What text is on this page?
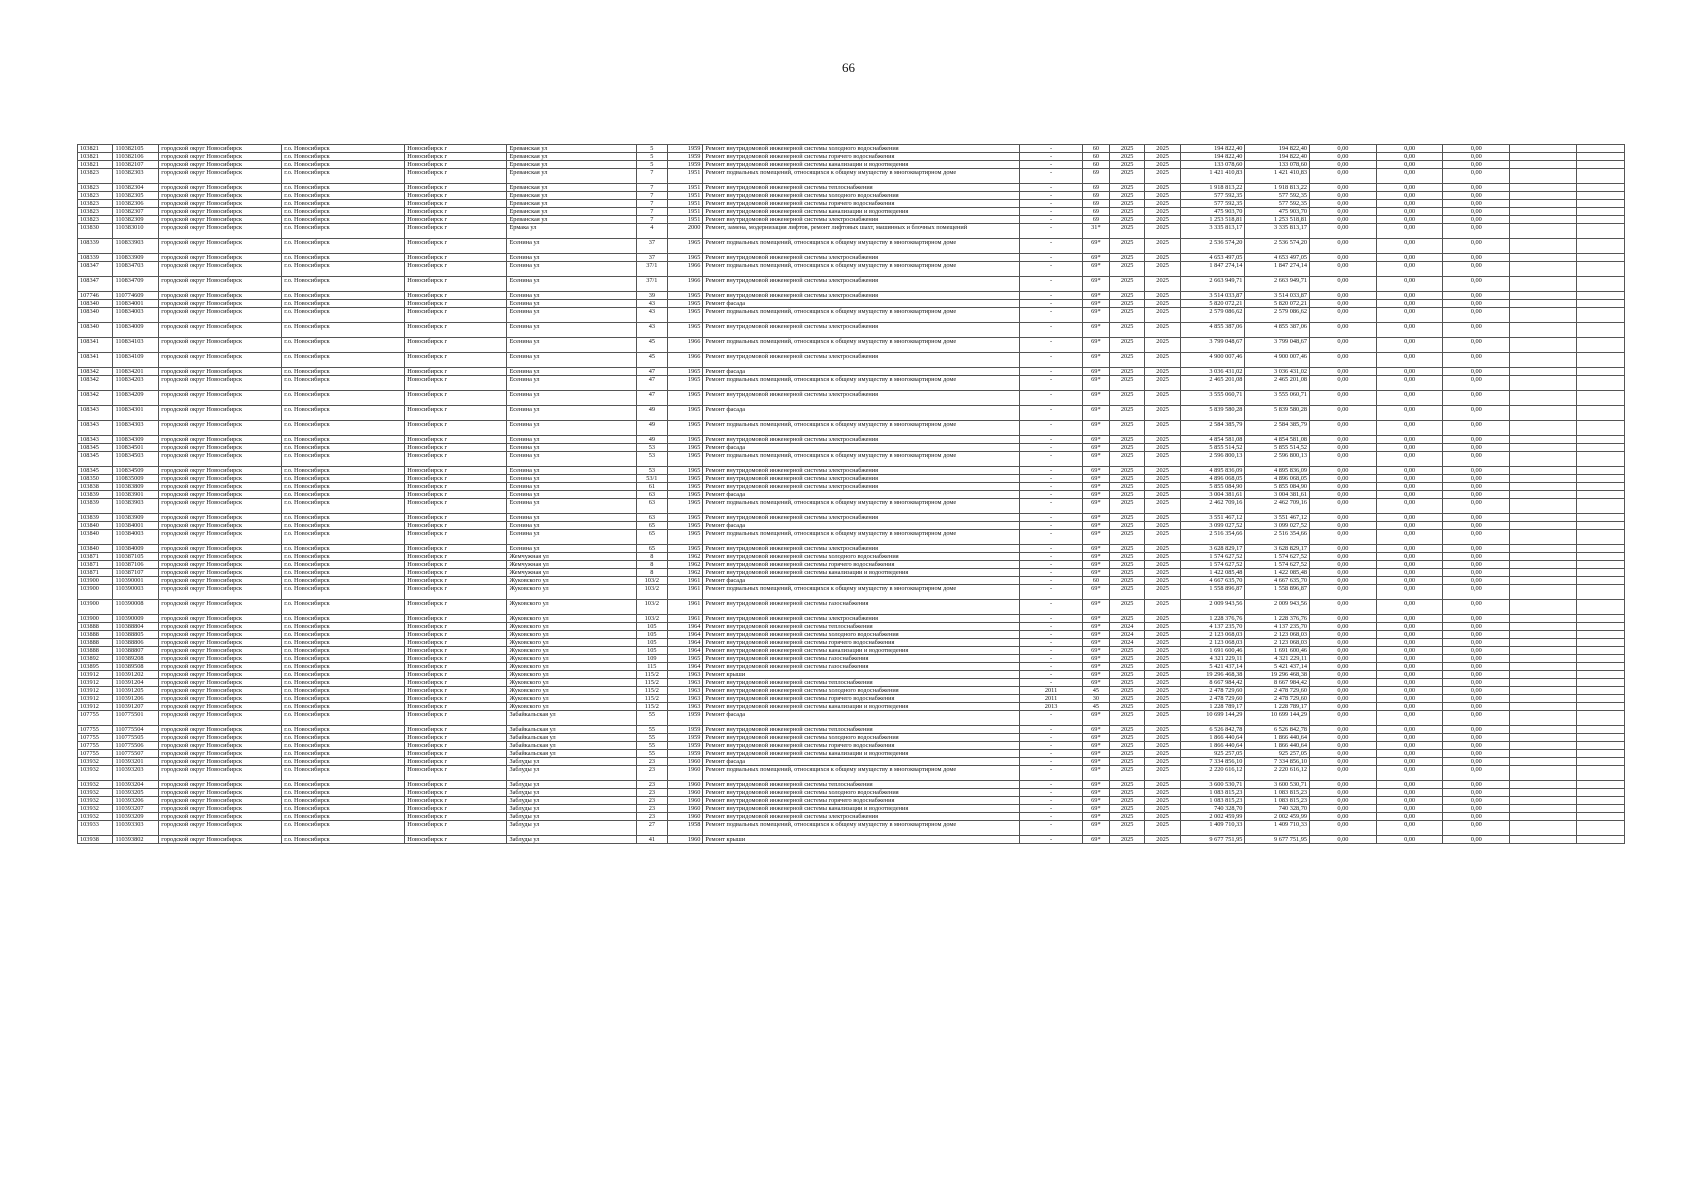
66
103821	110382105	городской округ Новосибирск	г.о. Новосибирск	Новосибирск г	Ереванская ул	5	1959	Ремонт внутридомовой инженерной системы холодного водоснабжения	-	60	2025	2025	194 822,40	194 822,40	0,00	0,00	0,00		
103821	110382106	городской округ Новосибирск	г.о. Новосибирск	Новосибирск г	Ереванская ул	5	1959	Ремонт внутридомовой инженерной системы горячего водоснабжения	-	60	2025	2025	194 822,40	194 822,40	0,00	0,00	0,00		
103821	110382107	городской округ Новосибирск	г.о. Новосибирск	Новосибирск г	Ереванская ул	5	1959	Ремонт внутридомовой инженерной системы канализации и водоотведения	-	60	2025	2025	133 078,60	133 078,60	0,00	0,00	0,00		
103823	110382303	городской округ Новосибирск	г.о. Новосибирск	Новосибирск г	Ереванская ул	7	1951	Ремонт подвальных помещений, относящихся к общему имуществу в многоквартирном доме	-	69	2025	2025	1 421 410,83	1 421 410,83	0,00	0,00	0,00		
103823	110382304	городской округ Новосибирск	г.о. Новосибирск	Новосибирск г	Ереванская ул	7	1951	Ремонт внутридомовой инженерной системы теплоснабжения	-	69	2025	2025	1 918 813,22	1 918 813,22	0,00	0,00	0,00		
103823	110382305	городской округ Новосибирск	г.о. Новосибирск	Новосибирск г	Ереванская ул	7	1951	Ремонт внутридомовой инженерной системы холодного водоснабжения	-	69	2025	2025	577 592,35	577 592,35	0,00	0,00	0,00		
103823	110382306	городской округ Новосибирск	г.о. Новосибирск	Новосибирск г	Ереванская ул	7	1951	Ремонт внутридомовой инженерной системы горячего водоснабжения	-	69	2025	2025	577 592,35	577 592,35	0,00	0,00	0,00		
103823	110382307	городской округ Новосибирск	г.о. Новосибирск	Новосибирск г	Ереванская ул	7	1951	Ремонт внутридомовой инженерной системы канализации и водоотведения	-	69	2025	2025	475 903,70	475 903,70	0,00	0,00	0,00		
103823	110382309	городской округ Новосибирск	г.о. Новосибирск	Новосибирск г	Ереванская ул	7	1951	Ремонт внутридомовой инженерной системы электроснабжения	-	69	2025	2025	1 253 518,81	1 253 518,81	0,00	0,00	0,00		
103830	110383010	городской округ Новосибирск	г.о. Новосибирск	Новосибирск г	Ермака ул	4	2000	Ремонт, замена, модернизация лифтов, ремонт лифтовых шахт, машинных и блочных помещений	-	31*	2025	2025	3 335 813,17	3 335 813,17	0,00	0,00	0,00		
108339	110833903	городской округ Новосибирск	г.о. Новосибирск	Новосибирск г	Есенина ул	37	1965	Ремонт подвальных помещений, относящихся к общему имуществу в многоквартирном доме	-	69*	2025	2025	2 536 574,20	2 536 574,20	0,00	0,00	0,00		
108339	110833909	городской округ Новосибирск	г.о. Новосибирск	Новосибирск г	Есенина ул	37	1965	Ремонт внутридомовой инженерной системы электроснабжения	-	69*	2025	2025	4 653 497,05	4 653 497,05	0,00	0,00	0,00		
108347	110834703	городской округ Новосибирск	г.о. Новосибирск	Новосибирск г	Есенина ул	37/1	1966	Ремонт подвальных помещений, относящихся к общему имуществу в многоквартирном доме	-	69*	2025	2025	1 847 274,14	1 847 274,14	0,00	0,00	0,00		
108347	110834709	городской округ Новосибирск	г.о. Новосибирск	Новосибирск г	Есенина ул	37/1	1966	Ремонт внутридомовой инженерной системы электроснабжения	-	69*	2025	2025	2 663 949,71	2 663 949,71	0,00	0,00	0,00		
107746	110774609	городской округ Новосибирск	г.о. Новосибирск	Новосибирск г	Есенина ул	39	1965	Ремонт внутридомовой инженерной системы электроснабжения	-	69*	2025	2025	3 514 033,87	3 514 033,87	0,00	0,00	0,00		
108340	110834001	городской округ Новосибирск	г.о. Новосибирск	Новосибирск г	Есенина ул	43	1965	Ремонт фасада	-	69*	2025	2025	5 820 072,21	5 820 072,21	0,00	0,00	0,00		
108340	110834003	городской округ Новосибирск	г.о. Новосибирск	Новосибирск г	Есенина ул	43	1965	Ремонт подвальных помещений, относящихся к общему имуществу в многоквартирном доме	-	69*	2025	2025	2 579 086,62	2 579 086,62	0,00	0,00	0,00		
108340	110834009	городской округ Новосибирск	г.о. Новосибирск	Новосибирск г	Есенина ул	43	1965	Ремонт внутридомовой инженерной системы электроснабжения	-	69*	2025	2025	4 855 387,06	4 855 387,06	0,00	0,00	0,00		
108341	110834103	городской округ Новосибирск	г.о. Новосибирск	Новосибирск г	Есенина ул	45	1966	Ремонт подвальных помещений, относящихся к общему имуществу в многоквартирном доме	-	69*	2025	2025	3 799 048,67	3 799 048,67	0,00	0,00	0,00		
108341	110834109	городской округ Новосибирск	г.о. Новосибирск	Новосибирск г	Есенина ул	45	1966	Ремонт внутридомовой инженерной системы электроснабжения	-	69*	2025	2025	4 900 007,46	4 900 007,46	0,00	0,00	0,00		
108342	110834201	городской округ Новосибирск	г.о. Новосибирск	Новосибирск г	Есенина ул	47	1965	Ремонт фасада	-	69*	2025	2025	3 036 431,02	3 036 431,02	0,00	0,00	0,00		
108342	110834203	городской округ Новосибирск	г.о. Новосибирск	Новосибирск г	Есенина ул	47	1965	Ремонт подвальных помещений, относящихся к общему имуществу в многоквартирном доме	-	69*	2025	2025	2 465 201,08	2 465 201,08	0,00	0,00	0,00		
108342	110834209	городской округ Новосибирск	г.о. Новосибирск	Новосибирск г	Есенина ул	47	1965	Ремонт внутридомовой инженерной системы электроснабжения	-	69*	2025	2025	3 555 060,71	3 555 060,71	0,00	0,00	0,00		
108343	110834301	городской округ Новосибирск	г.о. Новосибирск	Новосибирск г	Есенина ул	49	1965	Ремонт фасада	-	69*	2025	2025	5 839 580,28	5 839 580,28	0,00	0,00	0,00		
108343	110834303	городской округ Новосибирск	г.о. Новосибирск	Новосибирск г	Есенина ул	49	1965	Ремонт подвальных помещений, относящихся к общему имуществу в многоквартирном доме	-	69*	2025	2025	2 584 385,79	2 584 385,79	0,00	0,00	0,00		
108343	110834309	городской округ Новосибирск	г.о. Новосибирск	Новосибирск г	Есенина ул	49	1965	Ремонт внутридомовой инженерной системы электроснабжения	-	69*	2025	2025	4 854 581,08	4 854 581,08	0,00	0,00	0,00		
108345	110834501	городской округ Новосибирск	г.о. Новосибирск	Новосибирск г	Есенина ул	53	1965	Ремонт фасада	-	69*	2025	2025	5 855 514,52	5 855 514,52	0,00	0,00	0,00		
108345	110834503	городской округ Новосибирск	г.о. Новосибирск	Новосибирск г	Есенина ул	53	1965	Ремонт подвальных помещений, относящихся к общему имуществу в многоквартирном доме	-	69*	2025	2025	2 596 800,13	2 596 800,13	0,00	0,00	0,00		
108345	110834509	городской округ Новосибирск	г.о. Новосибирск	Новосибирск г	Есенина ул	53	1965	Ремонт внутридомовой инженерной системы электроснабжения	-	69*	2025	2025	4 895 836,09	4 895 836,09	0,00	0,00	0,00		
108350	110835009	городской округ Новосибирск	г.о. Новосибирск	Новосибирск г	Есенина ул	53/1	1965	Ремонт внутридомовой инженерной системы электроснабжения	-	69*	2025	2025	4 896 068,05	4 896 068,05	0,00	0,00	0,00		
103838	110383809	городской округ Новосибирск	г.о. Новосибирск	Новосибирск г	Есенина ул	61	1965	Ремонт внутридомовой инженерной системы электроснабжения	-	69*	2025	2025	5 855 084,90	5 855 084,90	0,00	0,00	0,00		
103839	110383901	городской округ Новосибирск	г.о. Новосибирск	Новосибирск г	Есенина ул	63	1965	Ремонт фасада	-	69*	2025	2025	3 004 381,61	3 004 381,61	0,00	0,00	0,00		
103839	110383903	городской округ Новосибирск	г.о. Новосибирск	Новосибирск г	Есенина ул	63	1965	Ремонт подвальных помещений, относящихся к общему имуществу в многоквартирном доме	-	69*	2025	2025	2 462 709,16	2 462 709,16	0,00	0,00	0,00		
103839	110383909	городской округ Новосибирск	г.о. Новосибирск	Новосибирск г	Есенина ул	63	1965	Ремонт внутридомовой инженерной системы электроснабжения	-	69*	2025	2025	3 551 467,12	3 551 467,12	0,00	0,00	0,00		
103840	110384001	городской округ Новосибирск	г.о. Новосибирск	Новосибирск г	Есенина ул	65	1965	Ремонт фасада	-	69*	2025	2025	3 099 027,52	3 099 027,52	0,00	0,00	0,00		
103840	110384003	городской округ Новосибирск	г.о. Новосибирск	Новосибирск г	Есенина ул	65	1965	Ремонт подвальных помещений, относящихся к общему имуществу в многоквартирном доме	-	69*	2025	2025	2 516 354,66	2 516 354,66	0,00	0,00	0,00		
103840	110384009	городской округ Новосибирск	г.о. Новосибирск	Новосибирск г	Есенина ул	65	1965	Ремонт внутридомовой инженерной системы электроснабжения	-	69*	2025	2025	3 628 829,17	3 628 829,17	0,00	0,00	0,00		
103871	110387105	городской округ Новосибирск	г.о. Новосибирск	Новосибирск г	Жемчужная ул	8	1962	Ремонт внутридомовой инженерной системы холодного водоснабжения	-	69*	2025	2025	1 574 627,52	1 574 627,52	0,00	0,00	0,00		
103871	110387106	городской округ Новосибирск	г.о. Новосибирск	Новосибирск г	Жемчужная ул	8	1962	Ремонт внутридомовой инженерной системы горячего водоснабжения	-	69*	2025	2025	1 574 627,52	1 574 627,52	0,00	0,00	0,00		
103871	110387107	городской округ Новосибирск	г.о. Новосибирск	Новосибирск г	Жемчужная ул	8	1962	Ремонт внутридомовой инженерной системы канализации и водоотведения	-	69*	2025	2025	1 422 085,48	1 422 085,48	0,00	0,00	0,00		
103900	110390001	городской округ Новосибирск	г.о. Новосибирск	Новосибирск г	Жуковского ул	103/2	1961	Ремонт фасада	-	60	2025	2025	4 667 635,70	4 667 635,70	0,00	0,00	0,00		
103900	110390003	городской округ Новосибирск	г.о. Новосибирск	Новосибирск г	Жуковского ул	103/2	1961	Ремонт подвальных помещений, относящихся к общему имуществу в многоквартирном доме	-	69*	2025	2025	1 558 896,87	1 558 896,87	0,00	0,00	0,00		
103900	110390008	городской округ Новосибирск	г.о. Новосибирск	Новосибирск г	Жуковского ул	103/2	1961	Ремонт внутридомовой инженерной системы газоснабжения	-	69*	2025	2025	2 009 943,56	2 009 943,56	0,00	0,00	0,00		
103900	110390009	городской округ Новосибирск	г.о. Новосибирск	Новосибирск г	Жуковского ул	103/2	1961	Ремонт внутридомовой инженерной системы электроснабжения	-	69*	2025	2025	1 228 376,76	1 228 376,76	0,00	0,00	0,00		
103888	110388804	городской округ Новосибирск	г.о. Новосибирск	Новосибирск г	Жуковского ул	105	1964	Ремонт внутридомовой инженерной системы теплоснабжения	-	69*	2024	2025	4 137 235,70	4 137 235,70	0,00	0,00	0,00		
103888	110388805	городской округ Новосибирск	г.о. Новосибирск	Новосибирск г	Жуковского ул	105	1964	Ремонт внутридомовой инженерной системы холодного водоснабжения	-	69*	2024	2025	2 123 068,03	2 123 068,03	0,00	0,00	0,00		
103888	110388806	городской округ Новосибирск	г.о. Новосибирск	Новосибирск г	Жуковского ул	105	1964	Ремонт внутридомовой инженерной системы горячего водоснабжения	-	69*	2024	2025	2 123 068,03	2 123 068,03	0,00	0,00	0,00		
103888	110388807	городской округ Новосибирск	г.о. Новосибирск	Новосибирск г	Жуковского ул	105	1964	Ремонт внутридомовой инженерной системы канализации и водоотведения	-	69*	2025	2025	1 691 600,46	1 691 600,46	0,00	0,00	0,00		
103892	110389208	городской округ Новосибирск	г.о. Новосибирск	Новосибирск г	Жуковского ул	109	1965	Ремонт внутридомовой инженерной системы газоснабжения	-	69*	2025	2025	4 321 229,11	4 321 229,11	0,00	0,00	0,00		
103895	110389508	городской округ Новосибирск	г.о. Новосибирск	Новосибирск г	Жуковского ул	115	1964	Ремонт внутридомовой инженерной системы газоснабжения	-	69*	2025	2025	5 421 437,14	5 421 437,14	0,00	0,00	0,00		
103912	110391202	городской округ Новосибирск	г.о. Новосибирск	Новосибирск г	Жуковского ул	115/2	1963	Ремонт крыши	-	69*	2025	2025	19 296 468,38	19 296 468,38	0,00	0,00	0,00		
103912	110391204	городской округ Новосибирск	г.о. Новосибирск	Новосибирск г	Жуковского ул	115/2	1963	Ремонт внутридомовой инженерной системы теплоснабжения	-	69*	2025	2025	8 667 984,42	8 667 984,42	0,00	0,00	0,00		
103912	110391205	городской округ Новосибирск	г.о. Новосибирск	Новосибирск г	Жуковского ул	115/2	1963	Ремонт внутридомовой инженерной системы холодного водоснабжения	2011	45	2025	2025	2 478 729,60	2 478 729,60	0,00	0,00	0,00		
103912	110391206	городской округ Новосибирск	г.о. Новосибирск	Новосибирск г	Жуковского ул	115/2	1963	Ремонт внутридомовой инженерной системы горячего водоснабжения	2011	30	2025	2025	2 478 729,60	2 478 729,60	0,00	0,00	0,00		
103912	110391207	городской округ Новосибирск	г.о. Новосибирск	Новосибирск г	Жуковского ул	115/2	1963	Ремонт внутридомовой инженерной системы канализации и водоотведения	2013	45	2025	2025	1 228 789,17	1 228 789,17	0,00	0,00	0,00		
107755	110775501	городской округ Новосибирск	г.о. Новосибирск	Новосибирск г	Забайкальская ул	55	1959	Ремонт фасада	-	69*	2025	2025	10 699 144,29	10 699 144,29	0,00	0,00	0,00		
107755	110775504	городской округ Новосибирск	г.о. Новосибирск	Новосибирск г	Забайкальская ул	55	1959	Ремонт внутридомовой инженерной системы теплоснабжения	-	69*	2025	2025	6 526 842,78	6 526 842,78	0,00	0,00	0,00		
107755	110775505	городской округ Новосибирск	г.о. Новосибирск	Новосибирск г	Забайкальская ул	55	1959	Ремонт внутридомовой инженерной системы холодного водоснабжения	-	69*	2025	2025	1 866 440,64	1 866 440,64	0,00	0,00	0,00		
107755	110775506	городской округ Новосибирск	г.о. Новосибирск	Новосибирск г	Забайкальская ул	55	1959	Ремонт внутридомовой инженерной системы горячего водоснабжения	-	69*	2025	2025	1 866 440,64	1 866 440,64	0,00	0,00	0,00		
107755	110775507	городской округ Новосибирск	г.о. Новосибирск	Новосибирск г	Забайкальская ул	55	1959	Ремонт внутридомовой инженерной системы канализации и водоотведения	-	69*	2025	2025	925 257,05	925 257,05	0,00	0,00	0,00		
103932	110393201	городской округ Новосибирск	г.о. Новосибирск	Новосибирск г	Заблуды ул	23	1960	Ремонт фасада	-	69*	2025	2025	7 334 856,10	7 334 856,10	0,00	0,00	0,00		
103932	110393203	городской округ Новосибирск	г.о. Новосибирск	Новосибирск г	Заблуды ул	23	1960	Ремонт подвальных помещений, относящихся к общему имуществу в многоквартирном доме	-	69*	2025	2025	2 220 616,12	2 220 616,12	0,00	0,00	0,00		
103932	110393204	городской округ Новосибирск	г.о. Новосибирск	Новосибирск г	Заблуды ул	23	1960	Ремонт внутридомовой инженерной системы теплоснабжения	-	69*	2025	2025	3 600 530,71	3 600 530,71	0,00	0,00	0,00		
103932	110393205	городской округ Новосибирск	г.о. Новосибирск	Новосибирск г	Заблуды ул	23	1960	Ремонт внутридомовой инженерной системы холодного водоснабжения	-	69*	2025	2025	1 083 815,23	1 083 815,23	0,00	0,00	0,00		
103932	110393206	городской округ Новосибирск	г.о. Новосибирск	Новосибирск г	Заблуды ул	23	1960	Ремонт внутридомовой инженерной системы горячего водоснабжения	-	69*	2025	2025	1 083 815,23	1 083 815,23	0,00	0,00	0,00		
103932	110393207	городской округ Новосибирск	г.о. Новосибирск	Новосибирск г	Заблуды ул	23	1960	Ремонт внутридомовой инженерной системы канализации и водоотведения	-	69*	2025	2025	740 328,70	740 328,70	0,00	0,00	0,00		
103932	110393209	городской округ Новосибирск	г.о. Новосибирск	Новосибирск г	Заблуды ул	23	1960	Ремонт внутридомовой инженерной системы электроснабжения	-	69*	2025	2025	2 002 459,99	2 002 459,99	0,00	0,00	0,00		
103933	110393303	городской округ Новосибирск	г.о. Новосибирск	Новосибирск г	Заблуды ул	27	1958	Ремонт подвальных помещений, относящихся к общему имуществу в многоквартирном доме	-	69*	2025	2025	1 409 710,33	1 409 710,33	0,00	0,00	0,00		
103938	110393802	городской округ Новосибирск	г.о. Новосибирск	Новосибирск г	Заблуды ул	41	1960	Ремонт крыши	-	69*	2025	2025	9 677 751,95	9 677 751,95	0,00	0,00	0,00		
